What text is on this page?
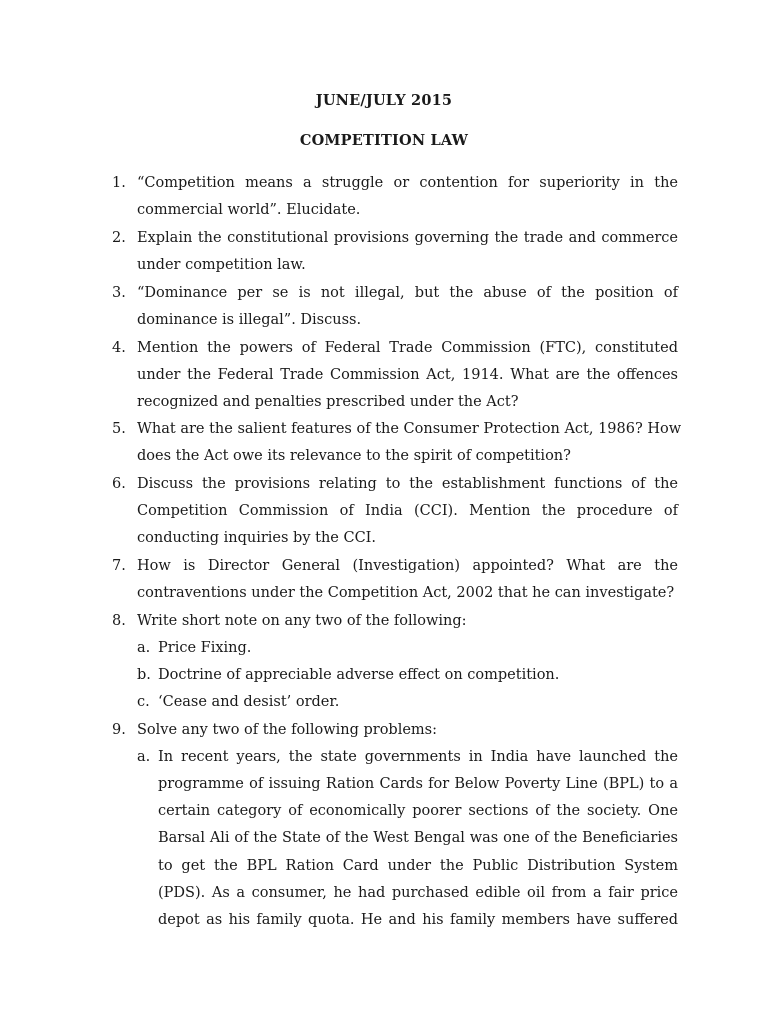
JUNE/JULY 2015
COMPETITION LAW
1. “Competition means a struggle or contention for superiority in the
commercial world”. Elucidate.
2. Explain the constitutional provisions governing the trade and commerce
under competition law.
3. “Dominance per se is not illegal, but the abuse of the position of
dominance is illegal”. Discuss.
4. Mention the powers of Federal Trade Commission (FTC), constituted
under the Federal Trade Commission Act, 1914. What are the offences
recognized and penalties prescribed under the Act?
5. What are the salient features of the Consumer Protection Act, 1986? How
does the Act owe its relevance to the spirit of competition?
6. Discuss the provisions relating to the establishment functions of the
Competition Commission of India (CCI). Mention the procedure of
conducting inquiries by the CCI.
7. How is Director General (Investigation) appointed? What are the
contraventions under the Competition Act, 2002 that he can investigate?
8. Write short note on any two of the following:
a. Price Fixing.
b. Doctrine of appreciable adverse effect on competition.
c. ‘Cease and desist’ order.
9. Solve any two of the following problems:
a. In recent years, the state governments in India have launched the
programme of issuing Ration Cards for Below Poverty Line (BPL) to a
certain category of economically poorer sections of the society. One
Barsal Ali of the State of the West Bengal was one of the Beneficiaries
to get the BPL Ration Card under the Public Distribution System
(PDS). As a consumer, he had purchased edible oil from a fair price
depot as his family quota. He and his family members have suffered
